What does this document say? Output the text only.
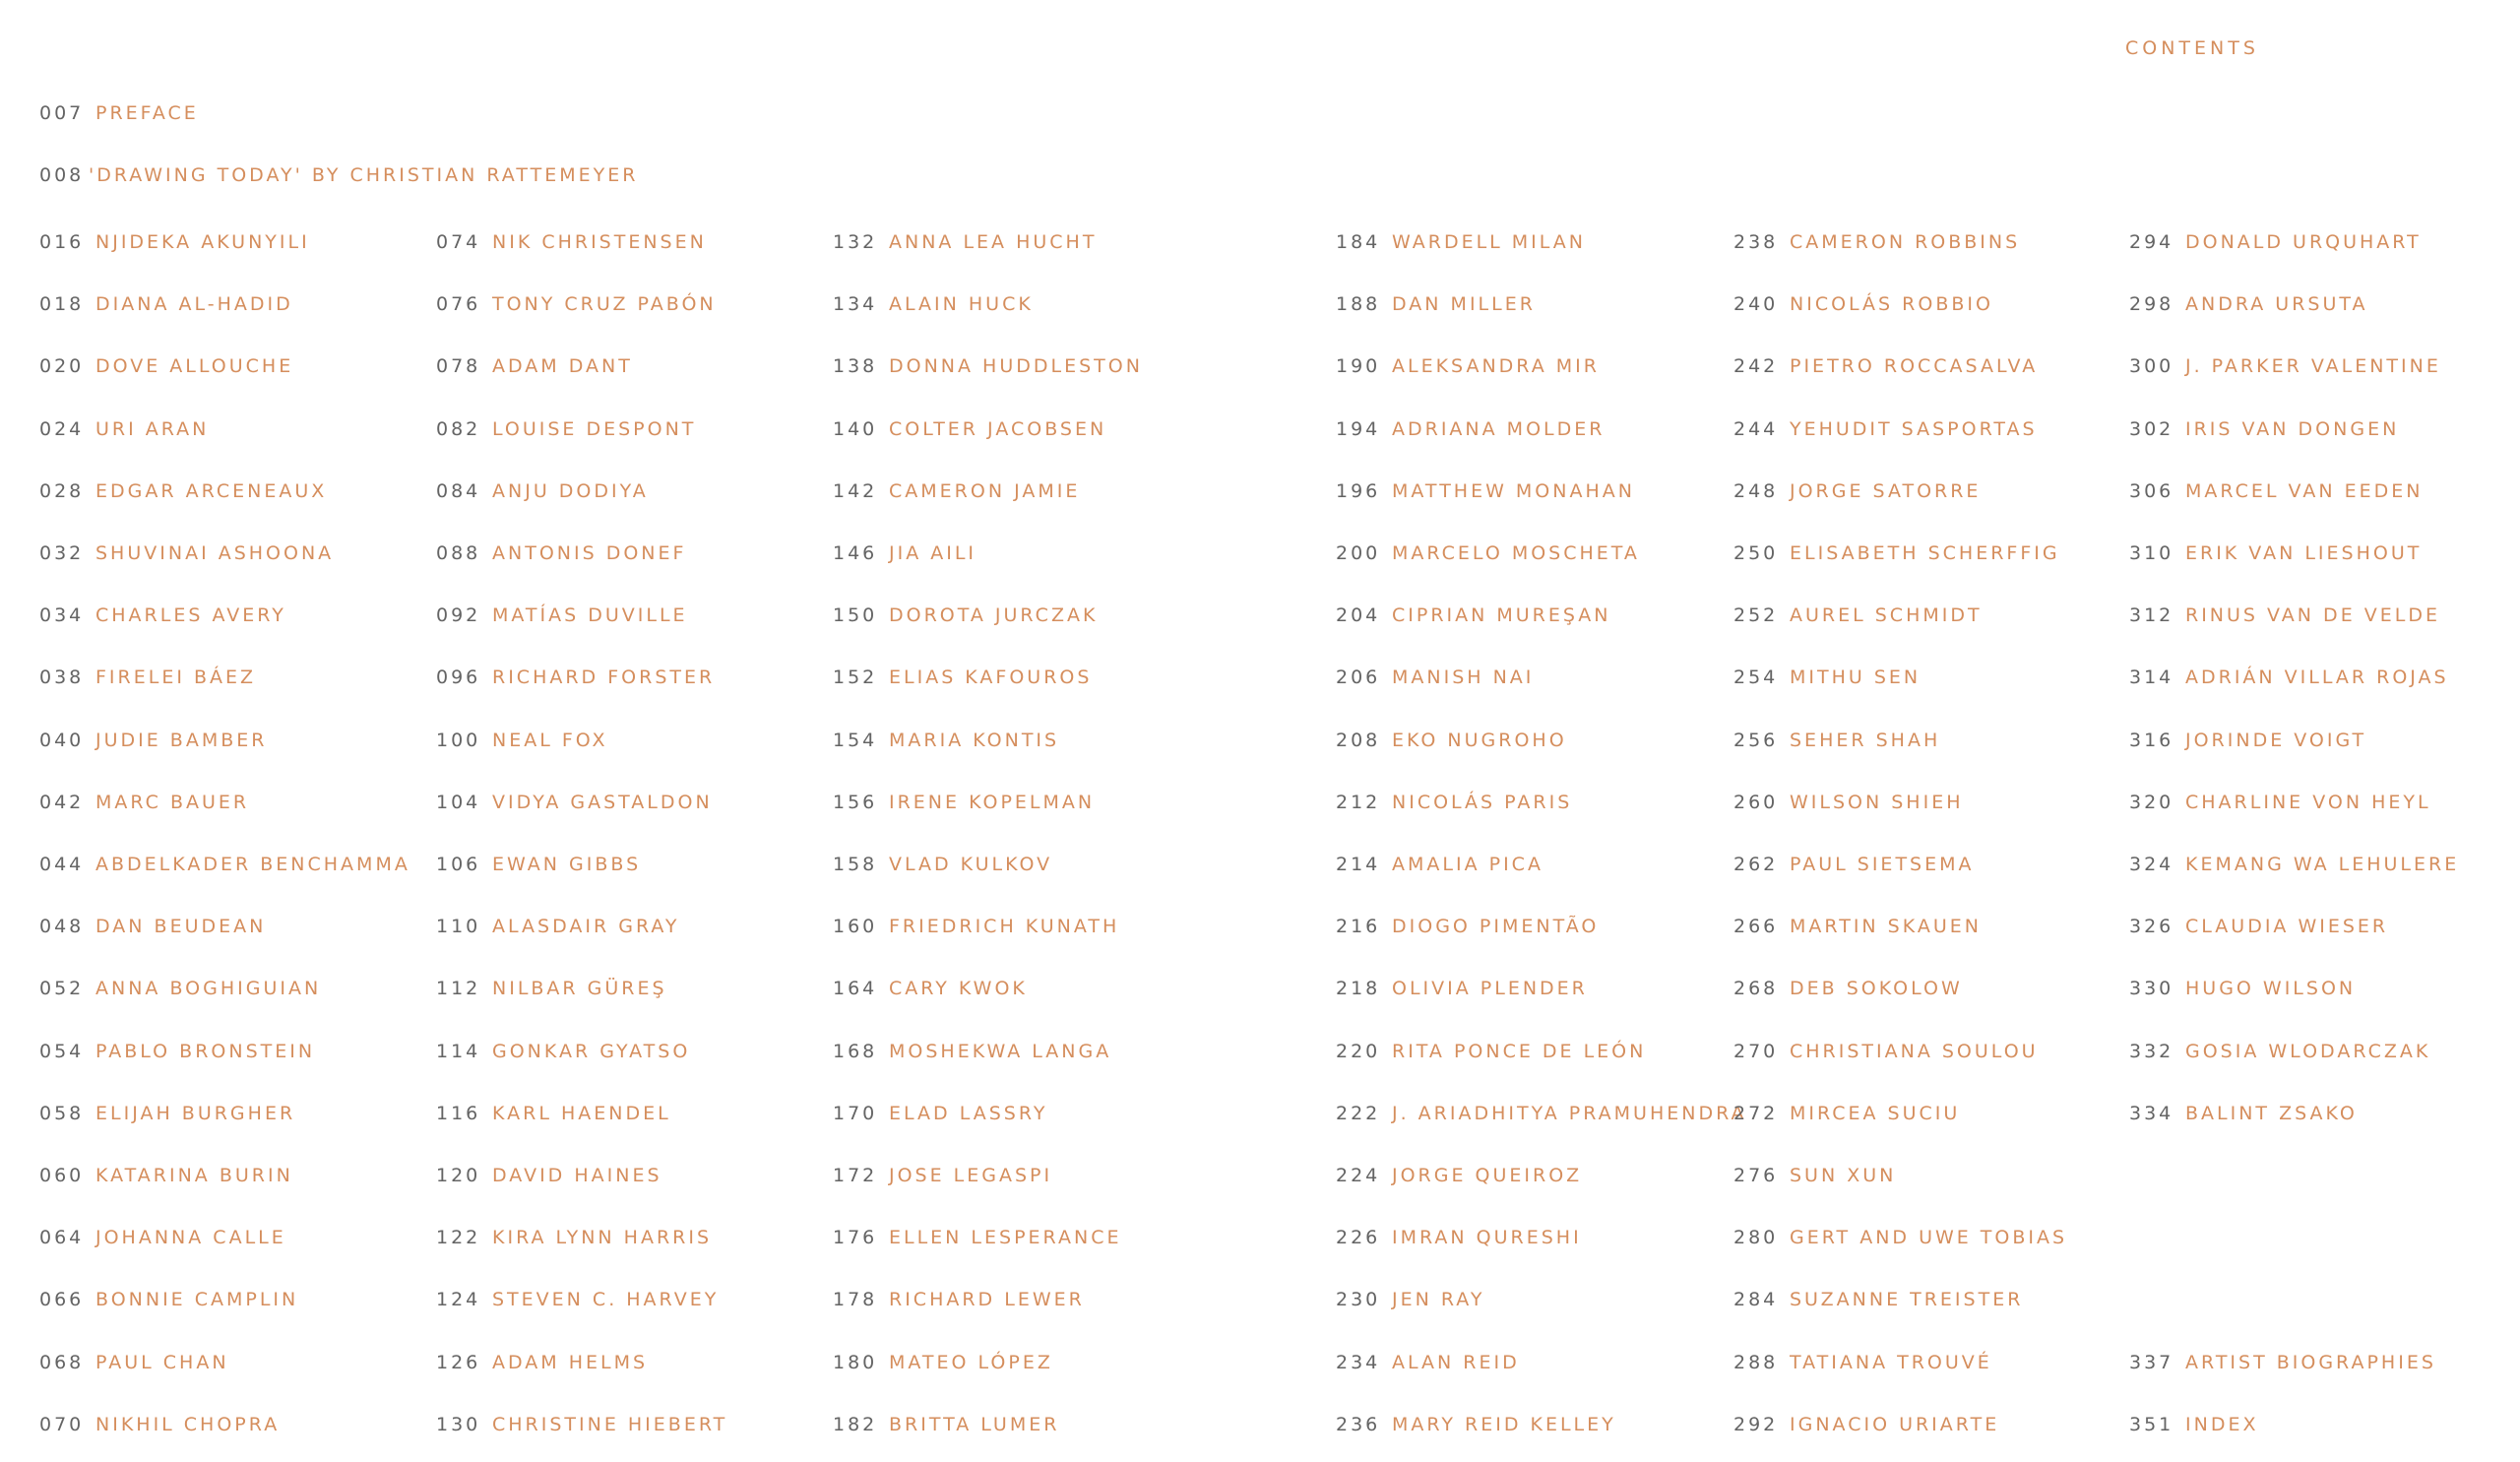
CONTENTS
007 PREFACE
008 'DRAWING TODAY' BY CHRISTIAN RATTEMEYER
016 NJIDEKA AKUNYILI
018 DIANA AL-HADID
020 DOVE ALLOUCHE
024 URI ARAN
028 EDGAR ARCENEAUX
032 SHUVINAI ASHOONA
034 CHARLES AVERY
038 FIRELEI BÁEZ
040 JUDIE BAMBER
042 MARC BAUER
044 ABDELKADER BENCHAMMA
048 DAN BEUDEAN
052 ANNA BOGHIGUIAN
054 PABLO BRONSTEIN
058 ELIJAH BURGHER
060 KATARINA BURIN
064 JOHANNA CALLE
066 BONNIE CAMPLIN
068 PAUL CHAN
070 NIKHIL CHOPRA
074 NIK CHRISTENSEN
076 TONY CRUZ PABÓN
078 ADAM DANT
082 LOUISE DESPONT
084 ANJU DODIYA
088 ANTONIS DONEF
092 MATÍAS DUVILLE
096 RICHARD FORSTER
100 NEAL FOX
104 VIDYA GASTALDON
106 EWAN GIBBS
110 ALASDAIR GRAY
112 NILBAR GÜREŞ
114 GONKAR GYATSO
116 KARL HAENDEL
120 DAVID HAINES
122 KIRA LYNN HARRIS
124 STEVEN C. HARVEY
126 ADAM HELMS
130 CHRISTINE HIEBERT
132 ANNA LEA HUCHT
134 ALAIN HUCK
138 DONNA HUDDLESTON
140 COLTER JACOBSEN
142 CAMERON JAMIE
146 JIA AILI
150 DOROTA JURCZAK
152 ELIAS KAFOUROS
154 MARIA KONTIS
156 IRENE KOPELMAN
158 VLAD KULKOV
160 FRIEDRICH KUNATH
164 CARY KWOK
168 MOSHEKWA LANGA
170 ELAD LASSRY
172 JOSE LEGASPI
176 ELLEN LESPERANCE
178 RICHARD LEWER
180 MATEO LÓPEZ
182 BRITTA LUMER
184 WARDELL MILAN
188 DAN MILLER
190 ALEKSANDRA MIR
194 ADRIANA MOLDER
196 MATTHEW MONAHAN
200 MARCELO MOSCHETA
204 CIPRIAN MUREŞAN
206 MANISH NAI
208 EKO NUGROHO
212 NICOLÁS PARIS
214 AMALIA PICA
216 DIOGO PIMENTÃO
218 OLIVIA PLENDER
220 RITA PONCE DE LEÓN
222 J. ARIADHITYA PRAMUHENDRA
224 JORGE QUEIROZ
226 IMRAN QURESHI
230 JEN RAY
234 ALAN REID
236 MARY REID KELLEY
238 CAMERON ROBBINS
240 NICOLÁS ROBBIO
242 PIETRO ROCCASALVA
244 YEHUDIT SASPORTAS
248 JORGE SATORRE
250 ELISABETH SCHERFFIG
252 AUREL SCHMIDT
254 MITHU SEN
256 SEHER SHAH
260 WILSON SHIEH
262 PAUL SIETSEMA
266 MARTIN SKAUEN
268 DEB SOKOLOW
270 CHRISTIANA SOULOU
272 MIRCEA SUCIU
276 SUN XUN
280 GERT AND UWE TOBIAS
284 SUZANNE TREISTER
288 TATIANA TROUVÉ
292 IGNACIO URIARTE
294 DONALD URQUHART
298 ANDRA URSUTA
300 J. PARKER VALENTINE
302 IRIS VAN DONGEN
306 MARCEL VAN EEDEN
310 ERIK VAN LIESHOUT
312 RINUS VAN DE VELDE
314 ADRIÁN VILLAR ROJAS
316 JORINDE VOIGT
320 CHARLINE VON HEYL
324 KEMANG WA LEHULERE
326 CLAUDIA WIESER
330 HUGO WILSON
332 GOSIA WLODARCZAK
334 BALINT ZSAKO
337 ARTIST BIOGRAPHIES
351 INDEX
